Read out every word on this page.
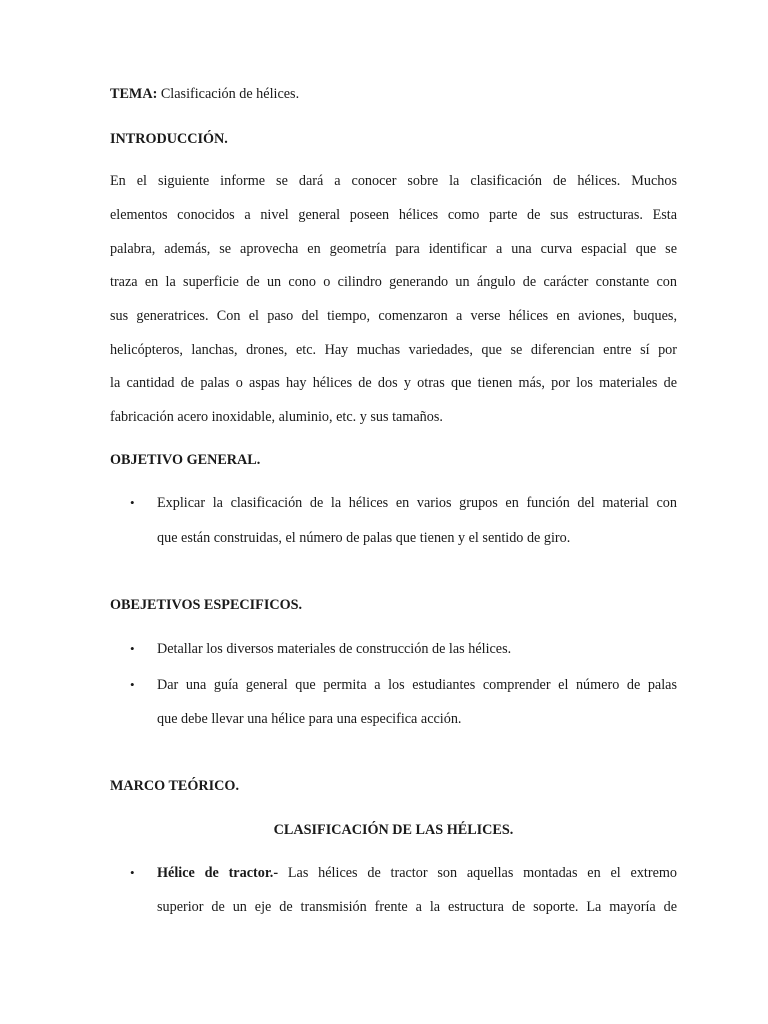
TEMA: Clasificación de hélices.
INTRODUCCIÓN.
En el siguiente informe se dará a conocer sobre la clasificación de hélices. Muchos
elementos conocidos a nivel general poseen hélices como parte de sus estructuras. Esta
palabra, además, se aprovecha en geometría para identificar a una curva espacial que se
traza en la superficie de un cono o cilindro generando un ángulo de carácter constante con
sus generatrices. Con el paso del tiempo, comenzaron a verse hélices en aviones, buques,
helicópteros, lanchas, drones, etc. Hay muchas variedades, que se diferencian entre sí por
la cantidad de palas o aspas hay hélices de dos y otras que tienen más, por los materiales de
fabricación acero inoxidable, aluminio, etc. y sus tamaños.
OBJETIVO GENERAL.
• Explicar la clasificación de la hélices en varios grupos en función del material con
que están construidas, el número de palas que tienen y el sentido de giro.
OBEJETIVOS ESPECIFICOS.
• Detallar los diversos materiales de construcción de las hélices.
• Dar una guía general que permita a los estudiantes comprender el número de palas
que debe llevar una hélice para una especifica acción.
MARCO TEÓRICO.
CLASIFICACIÓN DE LAS HÉLICES.
• Hélice de tractor.- Las hélices de tractor son aquellas montadas en el extremo
superior de un eje de transmisión frente a la estructura de soporte. La mayoría de
